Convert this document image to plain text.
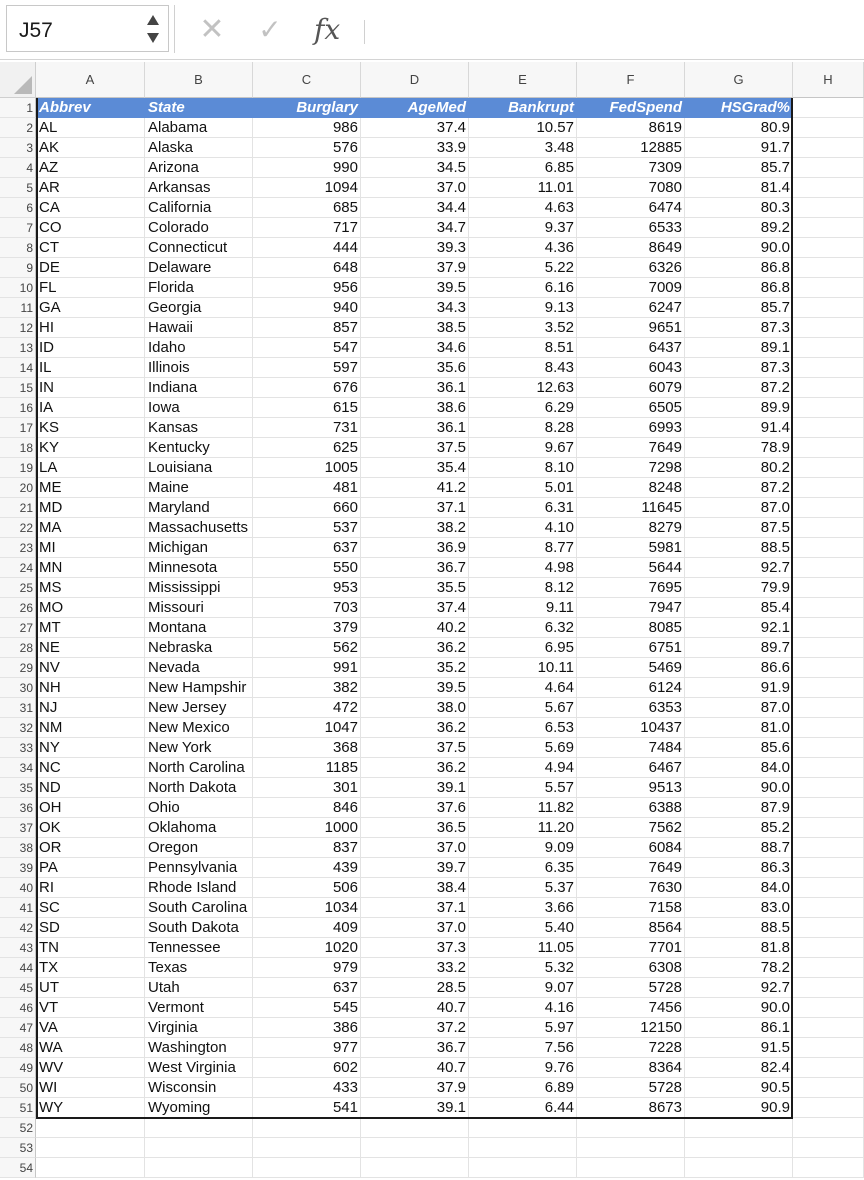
J57	✕ ✓ fx
A	B	C	D	E	F	G	H
1 Abbrev	State	Burglary	AgeMed	Bankrupt	FedSpend	HSGrad%
2 AL	Alabama	986	37.4	10.57	8619	80.9
3 AK	Alaska	576	33.9	3.48	12885	91.7
4 AZ	Arizona	990	34.5	6.85	7309	85.7
5 AR	Arkansas	1094	37.0	11.01	7080	81.4
6 CA	California	685	34.4	4.63	6474	80.3
7 CO	Colorado	717	34.7	9.37	6533	89.2
8 CT	Connecticut	444	39.3	4.36	8649	90.0
9 DE	Delaware	648	37.9	5.22	6326	86.8
10 FL	Florida	956	39.5	6.16	7009	86.8
11 GA	Georgia	940	34.3	9.13	6247	85.7
12 HI	Hawaii	857	38.5	3.52	9651	87.3
13 ID	Idaho	547	34.6	8.51	6437	89.1
14 IL	Illinois	597	35.6	8.43	6043	87.3
15 IN	Indiana	676	36.1	12.63	6079	87.2
16 IA	Iowa	615	38.6	6.29	6505	89.9
17 KS	Kansas	731	36.1	8.28	6993	91.4
18 KY	Kentucky	625	37.5	9.67	7649	78.9
19 LA	Louisiana	1005	35.4	8.10	7298	80.2
20 ME	Maine	481	41.2	5.01	8248	87.2
21 MD	Maryland	660	37.1	6.31	11645	87.0
22 MA	Massachusetts	537	38.2	4.10	8279	87.5
23 MI	Michigan	637	36.9	8.77	5981	88.5
24 MN	Minnesota	550	36.7	4.98	5644	92.7
25 MS	Mississippi	953	35.5	8.12	7695	79.9
26 MO	Missouri	703	37.4	9.11	7947	85.4
27 MT	Montana	379	40.2	6.32	8085	92.1
28 NE	Nebraska	562	36.2	6.95	6751	89.7
29 NV	Nevada	991	35.2	10.11	5469	86.6
30 NH	New Hampshir	382	39.5	4.64	6124	91.9
31 NJ	New Jersey	472	38.0	5.67	6353	87.0
32 NM	New Mexico	1047	36.2	6.53	10437	81.0
33 NY	New York	368	37.5	5.69	7484	85.6
34 NC	North Carolina	1185	36.2	4.94	6467	84.0
35 ND	North Dakota	301	39.1	5.57	9513	90.0
36 OH	Ohio	846	37.6	11.82	6388	87.9
37 OK	Oklahoma	1000	36.5	11.20	7562	85.2
38 OR	Oregon	837	37.0	9.09	6084	88.7
39 PA	Pennsylvania	439	39.7	6.35	7649	86.3
40 RI	Rhode Island	506	38.4	5.37	7630	84.0
41 SC	South Carolina	1034	37.1	3.66	7158	83.0
42 SD	South Dakota	409	37.0	5.40	8564	88.5
43 TN	Tennessee	1020	37.3	11.05	7701	81.8
44 TX	Texas	979	33.2	5.32	6308	78.2
45 UT	Utah	637	28.5	9.07	5728	92.7
46 VT	Vermont	545	40.7	4.16	7456	90.0
47 VA	Virginia	386	37.2	5.97	12150	86.1
48 WA	Washington	977	36.7	7.56	7228	91.5
49 WV	West Virginia	602	40.7	9.76	8364	82.4
50 WI	Wisconsin	433	37.9	6.89	5728	90.5
51 WY	Wyoming	541	39.1	6.44	8673	90.9
52
53
54
